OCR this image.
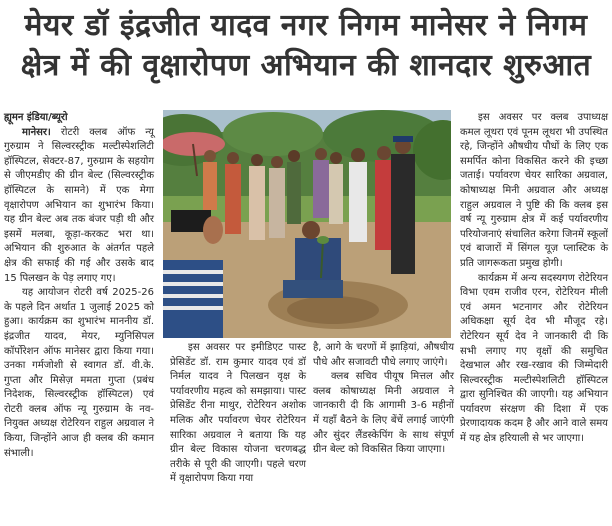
मेयर डॉ इंद्रजीत यादव नगर निगम मानेसर ने निगम
क्षेत्र में की वृक्षारोपण अभियान की शानदार शुरुआत

ह्यूमन इंडिया/ब्यूरो

मानेसर। रोटरी क्लब ऑफ न्यू गुरुग्राम ने सिल्वरस्ट्रीक मल्टीस्पेशलिटी हॉस्पिटल, सेक्टर-87, गुरुग्राम के सहयोग से जीएमडीए की ग्रीन बेल्ट (सिल्वरस्ट्रीक हॉस्पिटल के सामने) में एक मेगा वृक्षारोपण अभियान का शुभारंभ किया। यह ग्रीन बेल्ट अब तक बंजर पड़ी थी और इसमें मलबा, कूड़ा-करकट भरा था। अभियान की शुरुआत के अंतर्गत पहले क्षेत्र की सफाई की गई और उसके बाद 15 पिलखन के पेड़ लगाए गए।

यह आयोजन रोटरी वर्ष 2025-26 के पहले दिन अर्थात 1 जुलाई 2025 को हुआ। कार्यक्रम का शुभारंभ माननीय डॉ. इंद्रजीत यादव, मेयर, म्युनिसिपल कॉर्पोरेशन ऑफ मानेसर द्वारा किया गया। उनका गर्मजोशी से स्वागत डॉ. वी.के. गुप्ता और मिसेज़ ममता गुप्ता (प्रबंध निदेशक, सिल्वरस्ट्रीक हॉस्पिटल) एवं रोटरी क्लब ऑफ न्यू गुरुग्राम के नव-नियुक्त अध्यक्ष रोटेरियन राहुल अग्रवाल ने किया, जिन्होंने आज ही क्लब की कमान संभाली।

इस अवसर पर इमीडिएट पास्ट प्रेसिडेंट डॉ. राम कुमार यादव एवं डॉ निर्मल यादव ने पिलखन वृक्ष के पर्यावरणीय महत्व को समझाया। पास्ट प्रेसिडेंट रीना माथुर, रोटेरियन अशोक मलिक और पर्यावरण चेयर रोटेरियन सारिका अग्रवाल ने बताया कि यह ग्रीन बेल्ट विकास योजना चरणबद्ध तरीके से पूरी की जाएगी। पहले चरण में वृक्षारोपण किया गया

है, आगे के चरणों में झाड़ियां, औषधीय पौधे और सजावटी पौधे लगाए जाएंगे।

क्लब सचिव पीयूष मित्तल और क्लब कोषाध्यक्ष मिनी अग्रवाल ने जानकारी दी कि आगामी 3-6 महीनों में यहाँ बैठने के लिए बेंचें लगाई जाएंगी और सुंदर लैंडस्केपिंग के साथ संपूर्ण ग्रीन बेल्ट को विकसित किया जाएगा।

इस अवसर पर क्लब उपाध्यक्ष कमल लूथरा एवं पूनम लूथरा भी उपस्थित रहे, जिन्होंने औषधीय पौधों के लिए एक समर्पित कोना विकसित करने की इच्छा जताई। पर्यावरण चेयर सारिका अग्रवाल, कोषाध्यक्ष मिनी अग्रवाल और अध्यक्ष राहुल अग्रवाल ने पुष्टि की कि क्लब इस वर्ष न्यू गुरुग्राम क्षेत्र में कई पर्यावरणीय परियोजनाएं संचालित करेगा जिनमें स्कूलों एवं बाजारों में सिंगल यूज़ प्लास्टिक के प्रति जागरूकता प्रमुख होगी।

कार्यक्रम में अन्य सदस्यगण रोटेरियन विभा एवम राजीव एरन, रोटेरियन मीली एवं अमन भटनागर और रोटेरियन अधिकक्षा सूर्य देव भी मौजूद रहे। रोटेरियन सूर्य देव ने जानकारी दी कि सभी लगाए गए वृक्षों की समुचित देखभाल और रख-रखाव की जिम्मेदारी सिल्वरस्ट्रीक मल्टीस्पेशलिटी हॉस्पिटल द्वारा सुनिश्चित की जाएगी। यह अभियान पर्यावरण संरक्षण की दिशा में एक प्रेरणादायक कदम है और आने वाले समय में यह क्षेत्र हरियाली से भर जाएगा।
